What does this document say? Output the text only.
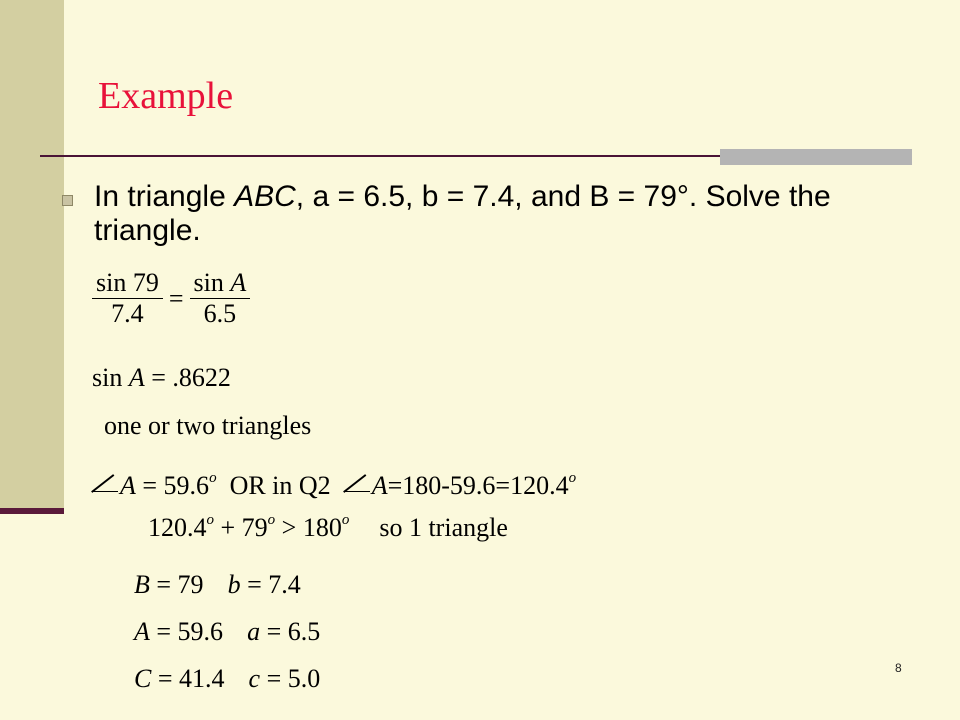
Example
In triangle ABC, a = 6.5, b = 7.4, and B = 79°. Solve the triangle.
$\frac{\sin 79}{7.4} = \frac{\text{sin A}}{6.5}$
sin A = .8622
one or two triangles
$A = 59.6^o$  OR in Q2  $A=180-59.6=120.4^o$
$120.4^o + 79^o > 180^o$ so 1 triangle
B = 79 b = 7.4
A = 59.6 a = 6.5
C = 41.4 c = 5.0	8
